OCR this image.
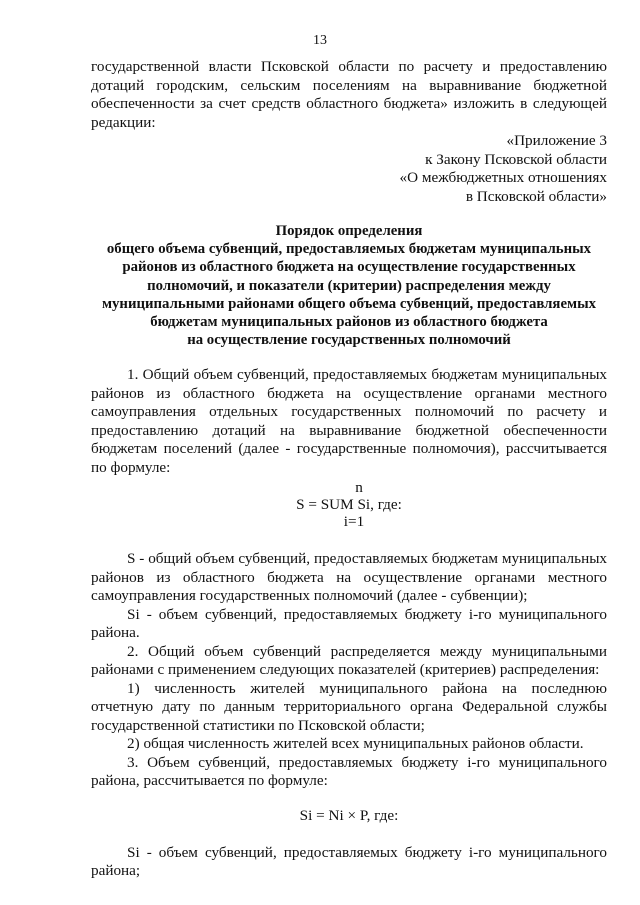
13

государственной власти Псковской области по расчету и предоставлению дотаций городским, сельским поселениям на выравнивание бюджетной обеспеченности за счет средств областного бюджета» изложить в следующей редакции:

«Приложение 3
к Закону Псковской области
«О межбюджетных отношениях
в Псковской области»
Порядок определения
общего объема субвенций, предоставляемых бюджетам муниципальных
районов из областного бюджета на осуществление государственных
полномочий, и показатели (критерии) распределения между
муниципальными районами общего объема субвенций, предоставляемых
бюджетам муниципальных районов из областного бюджета
на осуществление государственных полномочий

1. Общий объем субвенций, предоставляемых бюджетам муниципальных районов из областного бюджета на осуществление органами местного самоуправления отдельных государственных полномочий по расчету и предоставлению дотаций на выравнивание бюджетной обеспеченности бюджетам поселений (далее - государственные полномочия), рассчитывается по формуле:

n
S = SUM Si, где:
i=1

S - общий объем субвенций, предоставляемых бюджетам муниципальных районов из областного бюджета на осуществление органами местного самоуправления государственных полномочий (далее - субвенции);

Si - объем субвенций, предоставляемых бюджету i-го муниципального района.

2. Общий объем субвенций распределяется между муниципальными районами с применением следующих показателей (критериев) распределения:

1) численность жителей муниципального района на последнюю отчетную дату по данным территориального органа Федеральной службы государственной статистики по Псковской области;

2) общая численность жителей всех муниципальных районов области.

3. Объем субвенций, предоставляемых бюджету i-го муниципального района, рассчитывается по формуле:

Si = Ni × P, где:

Si - объем субвенций, предоставляемых бюджету i-го муниципального района;
